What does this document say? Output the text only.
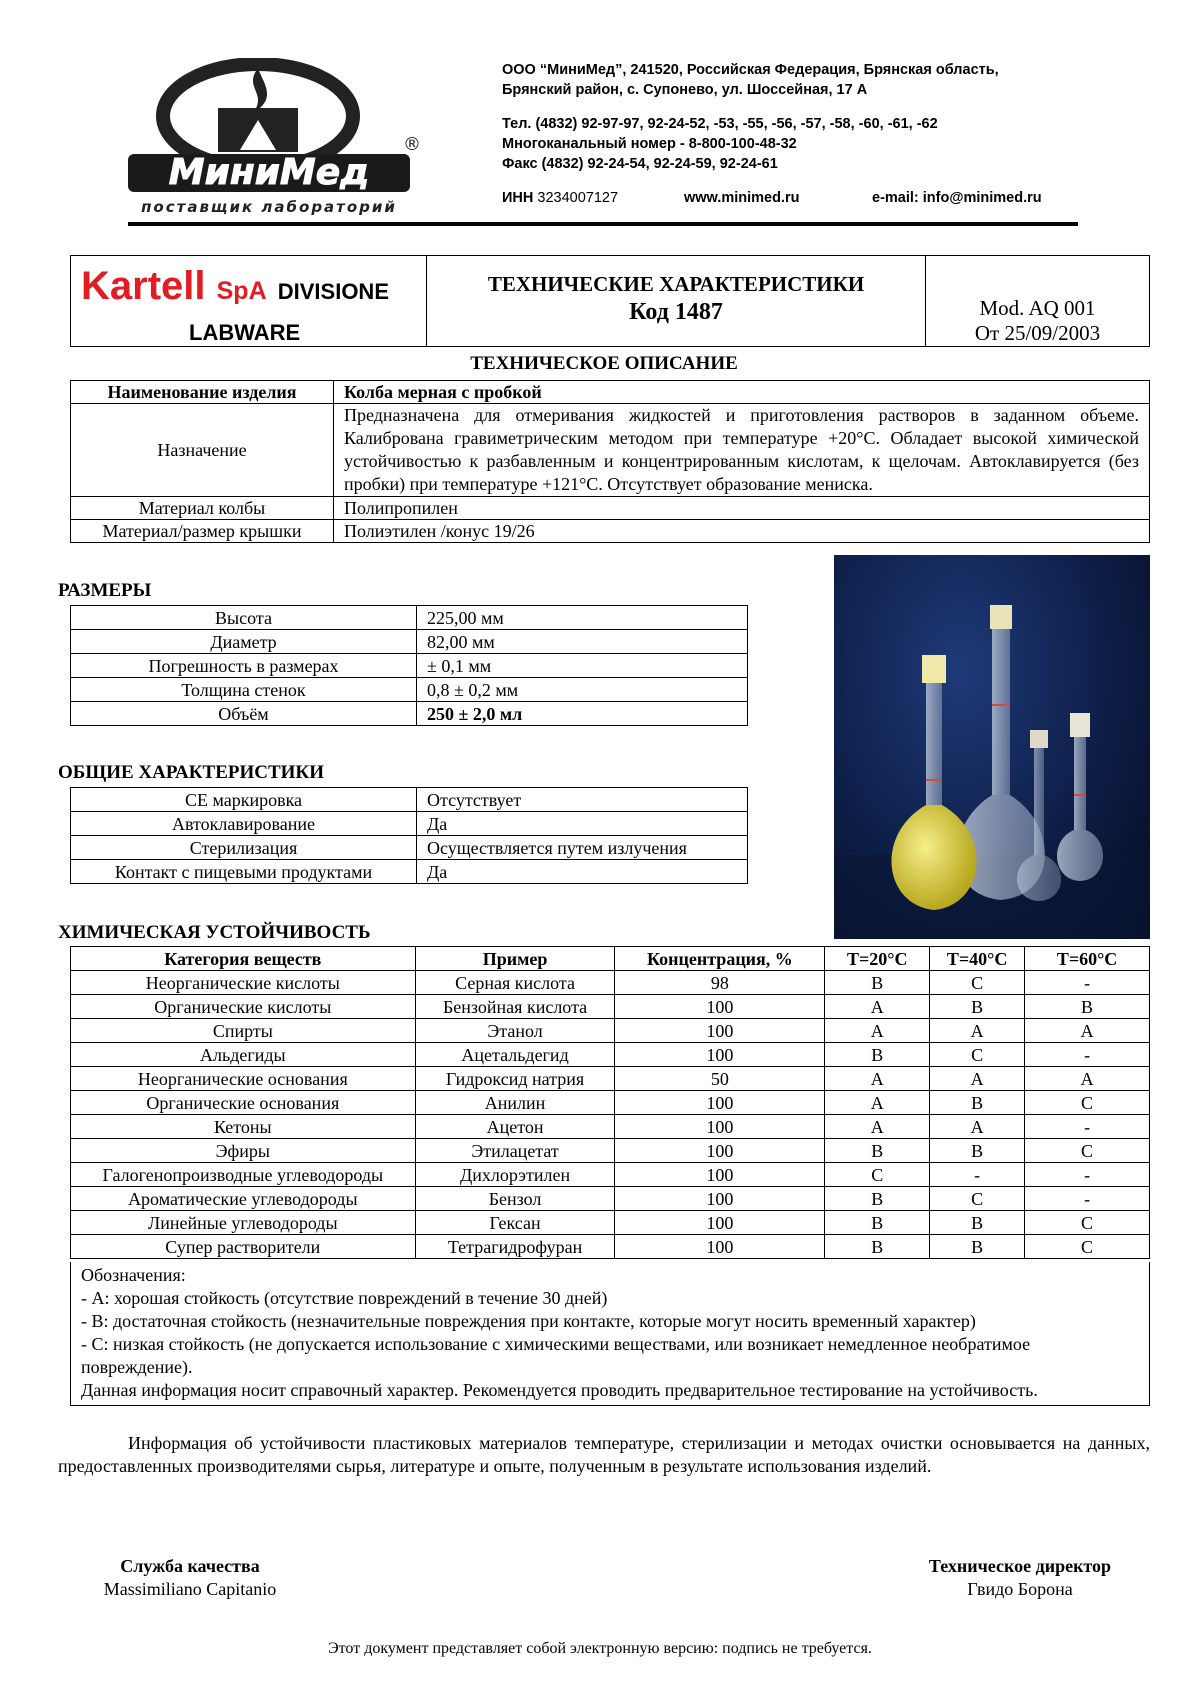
МиниМед
®
поставщик лабораторий
ООО “МиниМед”, 241520, Российская Федерация, Брянская область,
Брянский район, с. Супонево, ул. Шоссейная, 17 А
Тел. (4832) 92-97-97, 92-24-52, -53, -55, -56, -57, -58, -60, -61, -62
Многоканальный номер - 8-800-100-48-32
Факс (4832) 92-24-54, 92-24-59, 92-24-61
ИНН 3234007127	www.minimed.ru	e-mail: info@minimed.ru
Kartell SpA DIVISIONE
LABWARE
ТЕХНИЧЕСКИЕ ХАРАКТЕРИСТИКИ
Код 1487	Mod. AQ 001
От 25/09/2003
ТЕХНИЧЕСКОЕ ОПИСАНИЕ
Наименование изделия	Колба мерная с пробкой
Назначение	Предназначена для отмеривания жидкостей и приготовления растворов в заданном объеме. Калибрована гравиметрическим методом при температуре +20°С. Обладает высокой химической устойчивостью к разбавленным и концентрированным кислотам, к щелочам. Автоклавируется (без пробки) при температуре +121°С. Отсутствует образование мениска.
Материал колбы	Полипропилен
Материал/размер крышки	Полиэтилен /конус 19/26
РАЗМЕРЫ
Высота	225,00 мм
Диаметр	82,00 мм
Погрешность в размерах	± 0,1 мм
Толщина стенок	0,8 ± 0,2 мм
Объём	250 ± 2,0 мл
ОБЩИЕ ХАРАКТЕРИСТИКИ
СЕ маркировка	Отсутствует
Автоклавирование	Да
Стерилизация	Осуществляется путем излучения
Контакт с пищевыми продуктами	Да
ХИМИЧЕСКАЯ УСТОЙЧИВОСТЬ
Категория веществ	Пример	Концентрация, %	Т=20°С	Т=40°С	Т=60°С
Неорганические кислоты	Серная кислота	98	B	C	-
Органические кислоты	Бензойная кислота	100	A	B	B
Спирты	Этанол	100	A	A	A
Альдегиды	Ацетальдегид	100	B	C	-
Неорганические основания	Гидроксид натрия	50	A	A	A
Органические основания	Анилин	100	A	B	C
Кетоны	Ацетон	100	A	A	-
Эфиры	Этилацетат	100	B	B	C
Галогенопроизводные углеводороды	Дихлорэтилен	100	C	-	-
Ароматические углеводороды	Бензол	100	B	C	-
Линейные углеводороды	Гексан	100	B	B	C
Супер растворители	Тетрагидрофуран	100	B	B	C
Обозначения:
- А: хорошая стойкость (отсутствие повреждений в течение 30 дней)
- B: достаточная стойкость (незначительные повреждения при контакте, которые могут носить временный характер)
- C: низкая стойкость (не допускается использование с химическими веществами, или возникает немедленное необратимое повреждение).
Данная информация носит справочный характер. Рекомендуется проводить предварительное тестирование на устойчивость.
Информация об устойчивости пластиковых материалов температуре, стерилизации и методах очистки основывается на данных, предоставленных производителями сырья, литературе и опыте, полученным в результате использования изделий.
Служба качества
Massimiliano Capitanio
Техническое директор
Гвидо Борона
Этот документ представляет собой электронную версию: подпись не требуется.
